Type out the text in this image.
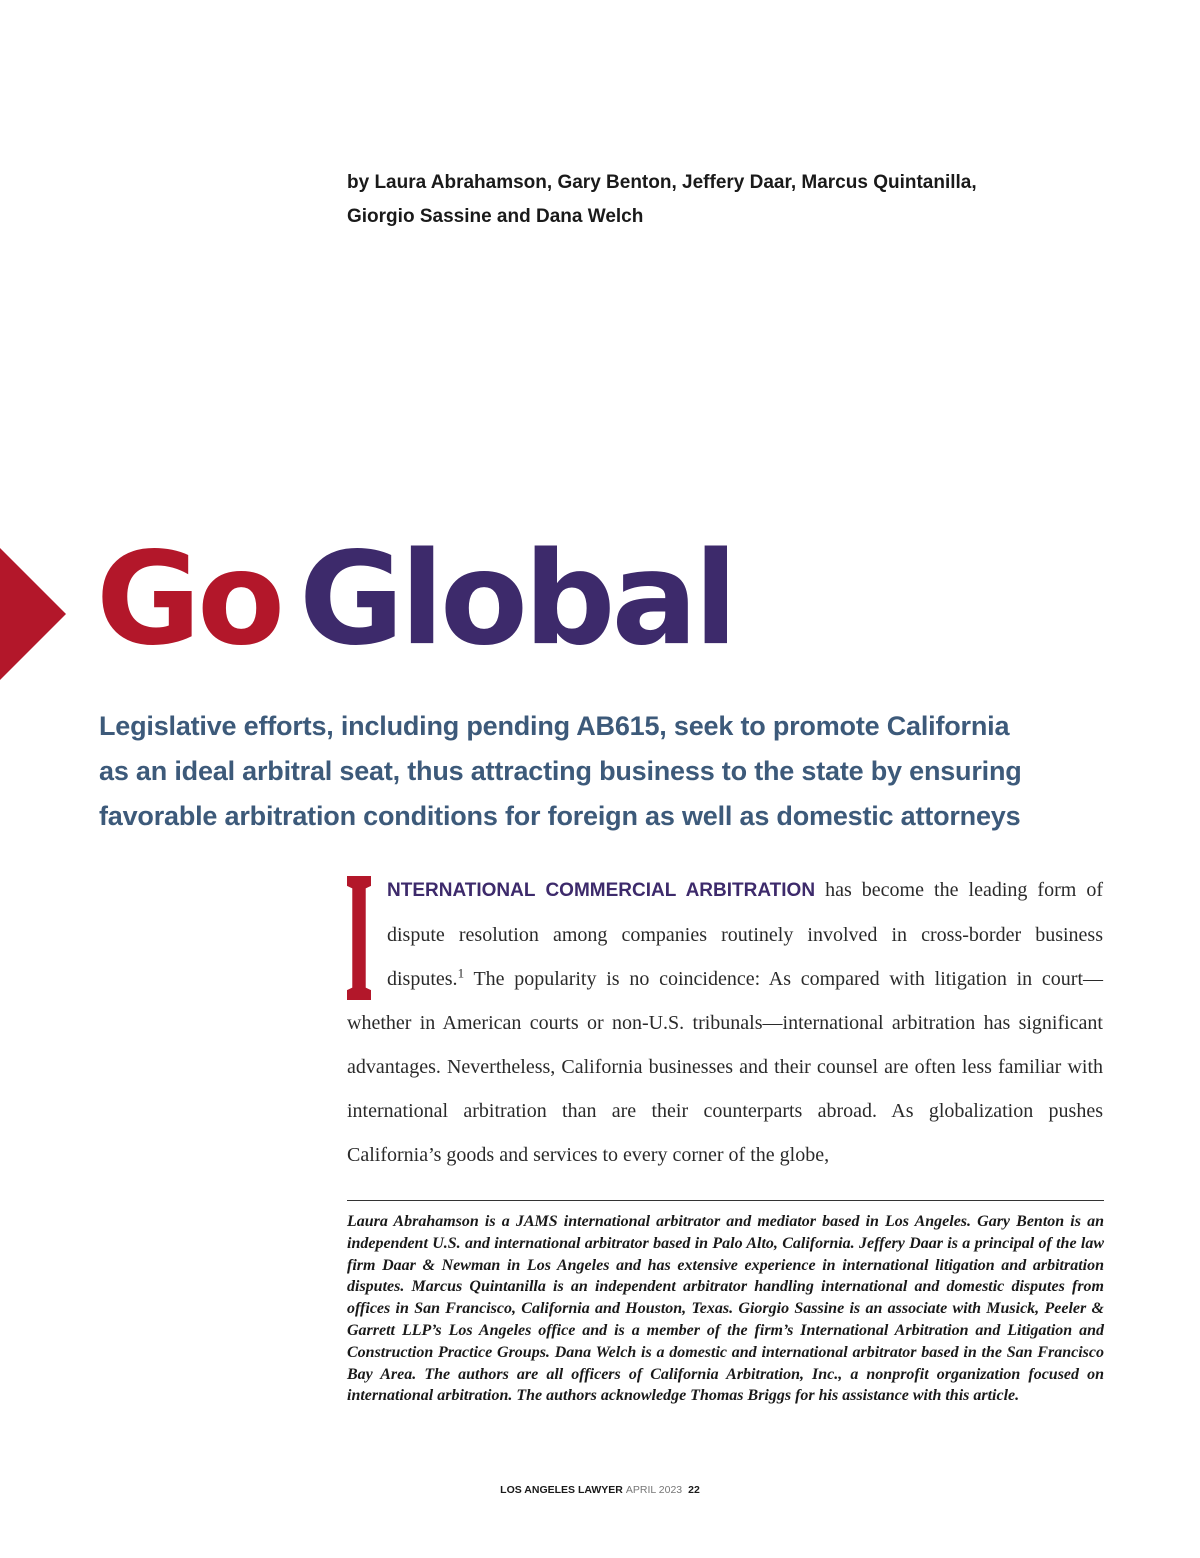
by Laura Abrahamson, Gary Benton, Jeffery Daar, Marcus Quintanilla,
Giorgio Sassine and Dana Welch
Go Global
Legislative efforts, including pending AB615, seek to promote California
as an ideal arbitral seat, thus attracting business to the state by ensuring
favorable arbitration conditions for foreign as well as domestic attorneys
NTERNATIONAL COMMERCIAL ARBITRATION has become the leading form of dispute resolution among companies routinely involved in cross-border business disputes.$^1$ The popularity is no coincidence: As compared with litigation in court—whether in American courts or non-U.S. tribunals—international arbitration has significant advantages. Nevertheless, California businesses and their counsel are often less familiar with international arbitration than are their counterparts abroad. As globalization pushes California’s goods and services to every corner of the globe,
Laura Abrahamson is a JAMS international arbitrator and mediator based in Los Angeles. Gary Benton is an independent U.S. and international arbitrator based in Palo Alto, California. Jeffery Daar is a principal of the law firm Daar & Newman in Los Angeles and has extensive experience in international litigation and arbitration disputes. Marcus Quintanilla is an independent arbitrator handling international and domestic disputes from offices in San Francisco, California and Houston, Texas. Giorgio Sassine is an associate with Musick, Peeler & Garrett LLP’s Los Angeles office and is a member of the firm’s International Arbitration and Litigation and Construction Practice Groups. Dana Welch is a domestic and international arbitrator based in the San Francisco Bay Area. The authors are all officers of California Arbitration, Inc., a nonprofit organization focused on international arbitration. The authors acknowledge Thomas Briggs for his assistance with this article.
LOS ANGELES LAWYER APRIL 2023 22
